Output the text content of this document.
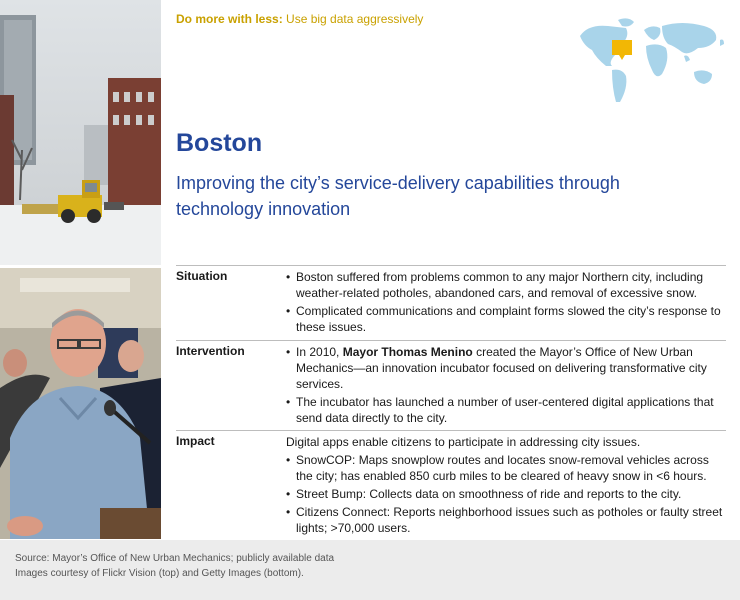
Do more with less: Use big data aggressively
Boston
Improving the city’s service-delivery capabilities through technology innovation
Situation	• Boston suffered from problems common to any major Northern city, including weather-related potholes, abandoned cars, and removal of excessive snow.
• Complicated communications and complaint forms slowed the city’s response to these issues.
Intervention	• In 2010, Mayor Thomas Menino created the Mayor’s Office of New Urban Mechanics—an innovation incubator focused on delivering transformative city services.
• The incubator has launched a number of user-centered digital applications that send data directly to the city.
Impact	Digital apps enable citizens to participate in addressing city issues.

• SnowCOP: Maps snowplow routes and locates snow-removal vehicles across the city; has enabled 850 curb miles to be cleared of heavy snow in <6 hours.
• Street Bump: Collects data on smoothness of ride and reports to the city.
• Citizens Connect: Reports neighborhood issues such as potholes or faulty street lights; >70,000 users.
Source: Mayor’s Office of New Urban Mechanics; publicly available data
Images courtesy of Flickr Vision (top) and Getty Images (bottom).
